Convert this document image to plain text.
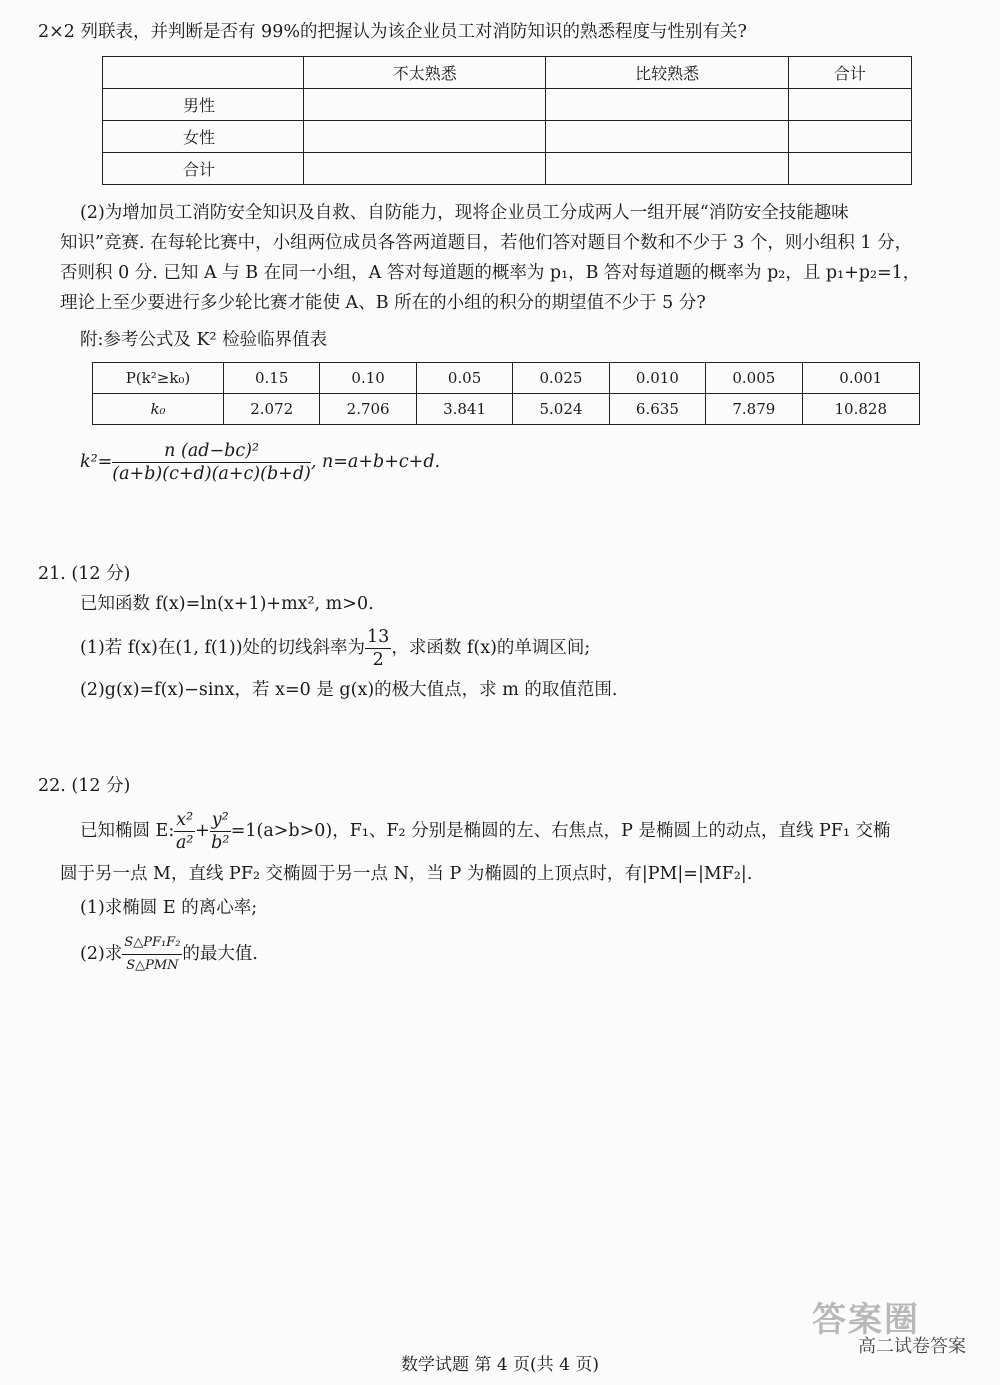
2×2 列联表，并判断是否有 99%的把握认为该企业员工对消防知识的熟悉程度与性别有关?
	不太熟悉	比较熟悉	合计
男性			
女性			
合计			
(2)为增加员工消防安全知识及自救、自防能力，现将企业员工分成两人一组开展“消防安全技能趣味
知识”竞赛. 在每轮比赛中，小组两位成员各答两道题目，若他们答对题目个数和不少于 3 个，则小组积 1 分，
否则积 0 分. 已知 A 与 B 在同一小组，A 答对每道题的概率为 p₁，B 答对每道题的概率为 p₂，且 p₁+p₂=1，
理论上至少要进行多少轮比赛才能使 A、B 所在的小组的积分的期望值不少于 5 分?
附:参考公式及 K² 检验临界值表
P(k²≥k₀)	0.15	0.10	0.05	0.025	0.010	0.005	0.001
k₀	2.072	2.706	3.841	5.024	6.635	7.879	10.828
$k^2= \frac{\text{n (ad−bc)²}}{(a+b)(c+d)(a+c)(b+d)}$ , n=a+b+c+d.
21. (12 分)
已知函数 f(x)=ln(x+1)+mx², m>0.
(1)若 f(x)在(1, f(1))处的切线斜率为 $\frac{13}{2}$ ，求函数 f(x)的单调区间;
(2)g(x)=f(x)−sinx，若 x=0 是 g(x)的极大值点，求 m 的取值范围.
22. (12 分)
已知椭圆 E: $\frac{\text{x²}}{\text{a²}} + \frac{\text{y²}}{\text{b²}} =1(a>b>0)$，F₁、F₂ 分别是椭圆的左、右焦点，P 是椭圆上的动点，直线 PF₁ 交椭
圆于另一点 M，直线 PF₂ 交椭圆于另一点 N，当 P 为椭圆的上顶点时，有|PM|=|MF₂|.
(1)求椭圆 E 的离心率;
(2)求 $\frac{\text{S△PF₁F₂}}{\text{S△PMN}}$ 的最大值.
数学试题 第 4 页(共 4 页)
答案圈
高二试卷答案
